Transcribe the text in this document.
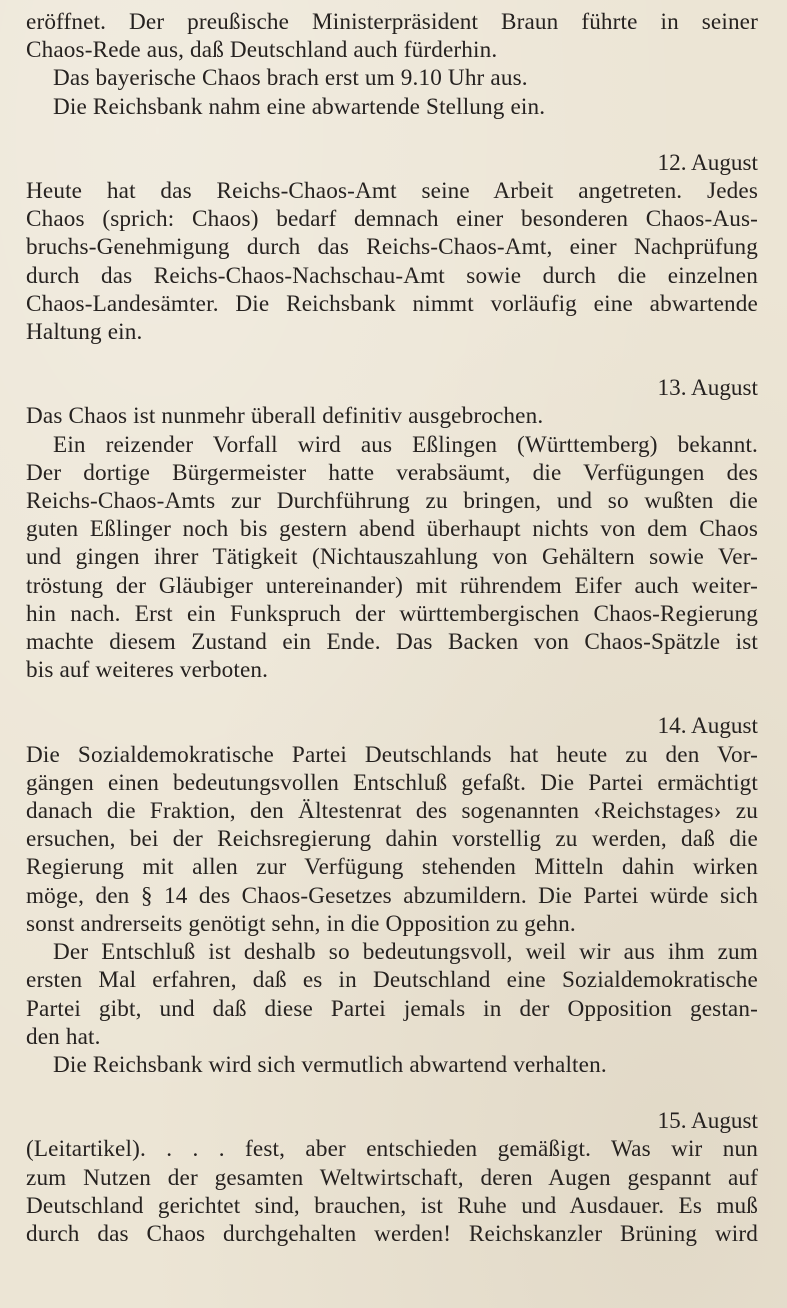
eröffnet. Der preußische Ministerpräsident Braun führte in seiner
Chaos-Rede aus, daß Deutschland auch fürderhin.

Das bayerische Chaos brach erst um 9.10 Uhr aus.

Die Reichsbank nahm eine abwartende Stellung ein.

12. August

Heute hat das Reichs-Chaos-Amt seine Arbeit angetreten. Jedes
Chaos (sprich: Chaos) bedarf demnach einer besonderen Chaos-Aus-
bruchs-Genehmigung durch das Reichs-Chaos-Amt, einer Nachprüfung
durch das Reichs-Chaos-Nachschau-Amt sowie durch die einzelnen
Chaos-Landesämter. Die Reichsbank nimmt vorläufig eine abwartende
Haltung ein.

13. August

Das Chaos ist nunmehr überall definitiv ausgebrochen.

Ein reizender Vorfall wird aus Eßlingen (Württemberg) bekannt.
Der dortige Bürgermeister hatte verabsäumt, die Verfügungen des
Reichs-Chaos-Amts zur Durchführung zu bringen, und so wußten die
guten Eßlinger noch bis gestern abend überhaupt nichts von dem Chaos
und gingen ihrer Tätigkeit (Nichtauszahlung von Gehältern sowie Ver-
tröstung der Gläubiger untereinander) mit rührendem Eifer auch weiter-
hin nach. Erst ein Funkspruch der württembergischen Chaos-Regierung
machte diesem Zustand ein Ende. Das Backen von Chaos-Spätzle ist
bis auf weiteres verboten.

14. August

Die Sozialdemokratische Partei Deutschlands hat heute zu den Vor-
gängen einen bedeutungsvollen Entschluß gefaßt. Die Partei ermächtigt
danach die Fraktion, den Ältestenrat des sogenannten ‹Reichstages› zu
ersuchen, bei der Reichsregierung dahin vorstellig zu werden, daß die
Regierung mit allen zur Verfügung stehenden Mitteln dahin wirken
möge, den § 14 des Chaos-Gesetzes abzumildern. Die Partei würde sich
sonst andrerseits genötigt sehn, in die Opposition zu gehn.

Der Entschluß ist deshalb so bedeutungsvoll, weil wir aus ihm zum
ersten Mal erfahren, daß es in Deutschland eine Sozialdemokratische
Partei gibt, und daß diese Partei jemals in der Opposition gestan-
den hat.

Die Reichsbank wird sich vermutlich abwartend verhalten.

15. August

(Leitartikel). . . . fest, aber entschieden gemäßigt. Was wir nun
zum Nutzen der gesamten Weltwirtschaft, deren Augen gespannt auf
Deutschland gerichtet sind, brauchen, ist Ruhe und Ausdauer. Es muß
durch das Chaos durchgehalten werden! Reichskanzler Brüning wird
